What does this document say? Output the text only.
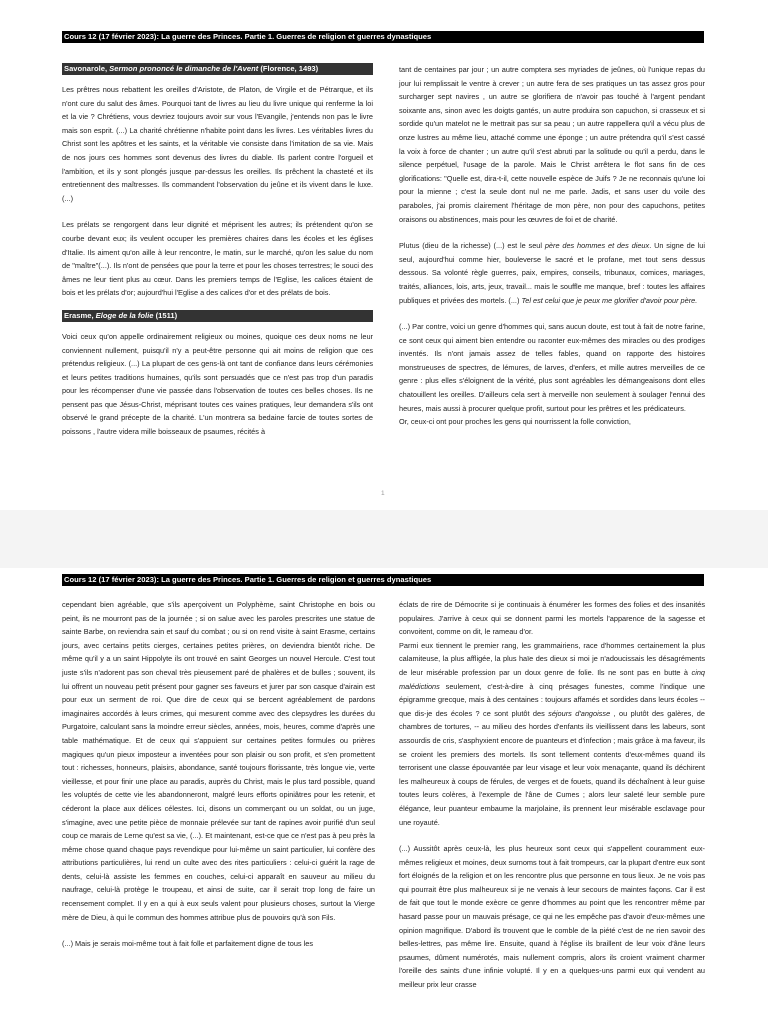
Cours 12 (17 février 2023): La guerre des Princes. Partie 1. Guerres de religion et guerres dynastiques
Savonarole, Sermon prononcé le dimanche de l'Avent (Florence, 1493)

Les prêtres nous rebattent les oreilles d'Aristote, de Platon, de Virgile et de Pétrarque, et ils n'ont cure du salut des âmes. Pourquoi tant de livres au lieu du livre unique qui renferme la loi et la vie ? Chrétiens, vous devriez toujours avoir sur vous l'Evangile, j'entends non pas le livre mais son esprit. (...) La charité chrétienne n'habite point dans les livres. Les véritables livres du Christ sont les apôtres et les saints, et la véritable vie consiste dans l'imitation de sa vie. Mais de nos jours ces hommes sont devenus des livres du diable. Ils parlent contre l'orgueil et l'ambition, et ils y sont plongés jusque par-dessus les oreilles. Ils prêchent la chasteté et ils entretiennent des maîtresses. Ils commandent l'observation du jeûne et ils vivent dans le luxe. (...)

Les prélats se rengorgent dans leur dignité et méprisent les autres; ils prétendent qu'on se courbe devant eux; ils veulent occuper les premières chaires dans les écoles et les églises d'Italie. Ils aiment qu'on aille à leur rencontre, le matin, sur le marché, qu'on les salue du nom de "maître"(...). Ils n'ont de pensées que pour la terre et pour les choses terrestres; le souci des âmes ne leur tient plus au cœur. Dans les premiers temps de l'Eglise, les calices étaient de bois et les prélats d'or; aujourd'hui l'Eglise a des calices d'or et des prélats de bois.

Erasme, Eloge de la folie (1511)

Voici ceux qu'on appelle ordinairement religieux ou moines, quoique ces deux noms ne leur conviennent nullement, puisqu'il n'y a peut-être personne qui ait moins de religion que ces prétendus religieux. (...) La plupart de ces gens-là ont tant de confiance dans leurs cérémonies et leurs petites traditions humaines, qu'ils sont persuadés que ce n'est pas trop d'un paradis pour les récompenser d'une vie passée dans l'observation de toutes ces belles choses. Ils ne pensent pas que Jésus-Christ, méprisant toutes ces vaines pratiques, leur demandera s'ils ont observé le grand précepte de la charité. L'un montrera sa bedaine farcie de toutes sortes de poissons , l'autre videra mille boisseaux de psaumes, récités à

tant de centaines par jour ; un autre comptera ses myriades de jeûnes, où l'unique repas du jour lui remplissait le ventre à crever ; un autre fera de ses pratiques un tas assez gros pour surcharger sept navires , un autre se glorifiera de n'avoir pas touché à l'argent pendant soixante ans, sinon avec les doigts gantés, un autre produira son capuchon, si crasseux et si sordide qu'un matelot ne le mettrait pas sur sa peau ; un autre rappellera qu'il a vécu plus de onze lustres au même lieu, attaché comme une éponge ; un autre prétendra qu'il s'est cassé la voix à force de chanter ; un autre qu'il s'est abruti par la solitude ou qu'il a perdu, dans le silence perpétuel, l'usage de la parole. Mais le Christ arrêtera le flot sans fin de ces glorifications: "Quelle est, dira-t-il, cette nouvelle espèce de Juifs ? Je ne reconnais qu'une loi pour la mienne ; c'est la seule dont nul ne me parle. Jadis, et sans user du voile des paraboles, j'ai promis clairement l'héritage de mon père, non pour des capuchons, petites oraisons ou abstinences, mais pour les œuvres de foi et de charité.

Plutus (dieu de la richesse) (...) est le seul père des hommes et des dieux. Un signe de lui seul, aujourd'hui comme hier, bouleverse le sacré et le profane, met tout sens dessus dessous. Sa volonté règle guerres, paix, empires, conseils, tribunaux, comices, mariages, traités, alliances, lois, arts, jeux, travail... mais le souffle me manque, bref : toutes les affaires publiques et privées des mortels. (...) Tel est celui que je peux me glorifier d'avoir pour père.

(...) Par contre, voici un genre d'hommes qui, sans aucun doute, est tout à fait de notre farine, ce sont ceux qui aiment bien entendre ou raconter eux-mêmes des miracles ou des prodiges inventés. Ils n'ont jamais assez de telles fables, quand on rapporte des histoires monstrueuses de spectres, de lémures, de larves, d'enfers, et mille autres merveilles de ce genre : plus elles s'éloignent de la vérité, plus sont agréables les démangeaisons dont elles chatouillent les oreilles. D'ailleurs cela sert à merveille non seulement à soulager l'ennui des heures, mais aussi à procurer quelque profit, surtout pour les prêtres et les prédicateurs.

Or, ceux-ci ont pour proches les gens qui nourrissent la folle conviction,

1
Cours 12 (17 février 2023): La guerre des Princes. Partie 1. Guerres de religion et guerres dynastiques

cependant bien agréable, que s'ils aperçoivent un Polyphème, saint Christophe en bois ou peint, ils ne mourront pas de la journée ; si on salue avec les paroles prescrites une statue de sainte Barbe, on reviendra sain et sauf du combat ; ou si on rend visite à saint Erasme, certains jours, avec certains petits cierges, certaines petites prières, on deviendra bientôt riche. De même qu'il y a un saint Hippolyte ils ont trouvé en saint Georges un nouvel Hercule. C'est tout juste s'ils n'adorent pas son cheval très pieusement paré de phalères et de bulles ; souvent, ils lui offrent un nouveau petit présent pour gagner ses faveurs et jurer par son casque d'airain est pour eux un serment de roi. Que dire de ceux qui se bercent agréablement de pardons imaginaires accordés à leurs crimes, qui mesurent comme avec des clepsydres les durées du Purgatoire, calculant sans la moindre erreur siècles, années, mois, heures, comme d'après une table mathématique. Et de ceux qui s'appuient sur certaines petites formules ou prières magiques qu'un pieux imposteur a inventées pour son plaisir ou son profit, et s'en promettent tout : richesses, honneurs, plaisirs, abondance, santé toujours florissante, très longue vie, verte vieillesse, et pour finir une place au paradis, auprès du Christ, mais le plus tard possible, quand les voluptés de cette vie les abandonneront, malgré leurs efforts opiniâtres pour les retenir, et céderont la place aux délices célestes. Ici, disons un commerçant ou un soldat, ou un juge, s'imagine, avec une petite pièce de monnaie prélevée sur tant de rapines avoir purifié d'un seul coup ce marais de Lerne qu'est sa vie, (...). Et maintenant, est-ce que ce n'est pas à peu près la même chose quand chaque pays revendique pour lui-même un saint particulier, lui confère des attributions particulières, lui rend un culte avec des rites particuliers : celui-ci guérit la rage de dents, celui-là assiste les femmes en couches, celui-ci apparaît en sauveur au milieu du naufrage, celui-là protège le troupeau, et ainsi de suite, car il serait trop long de faire un recensement complet. Il y en a qui à eux seuls valent pour plusieurs choses, surtout la Vierge mère de Dieu, à qui le commun des hommes attribue plus de pouvoirs qu'à son Fils.

(...) Mais je serais moi-même tout à fait folle et parfaitement digne de tous les

éclats de rire de Démocrite si je continuais à énumérer les formes des folies et des insanités populaires. J'arrive à ceux qui se donnent parmi les mortels l'apparence de la sagesse et convoitent, comme on dit, le rameau d'or.

Parmi eux tiennent le premier rang, les grammairiens, race d'hommes certainement la plus calamiteuse, la plus affligée, la plus haïe des dieux si moi je n'adoucissais les désagréments de leur misérable profession par un doux genre de folie. Ils ne sont pas en butte à cinq malédictions seulement, c'est-à-dire à cinq présages funestes, comme l'indique une épigramme grecque, mais à des centaines : toujours affamés et sordides dans leurs écoles -- que dis-je des écoles ? ce sont plutôt des séjours d'angoisse , ou plutôt des galères, de chambres de tortures, -- au milieu des hordes d'enfants ils vieillissent dans les labeurs, sont assourdis de cris, s'asphyxient encore de puanteurs et d'infection ; mais grâce à ma faveur, ils se croient les premiers des mortels. Ils sont tellement contents d'eux-mêmes quand ils terrorisent une classe épouvantée par leur visage et leur voix menaçante, quand ils déchirent les malheureux à coups de férules, de verges et de fouets, quand ils déchaînent à leur guise toutes leurs colères, à l'exemple de l'âne de Cumes ; alors leur saleté leur semble pure élégance, leur puanteur embaume la marjolaine, ils prennent leur misérable esclavage pour une royauté.

(...) Aussitôt après ceux-là, les plus heureux sont ceux qui s'appellent couramment eux-mêmes religieux et moines, deux surnoms tout à fait trompeurs, car la plupart d'entre eux sont fort éloignés de la religion et on les rencontre plus que personne en tous lieux. Je ne vois pas qui pourrait être plus malheureux si je ne venais à leur secours de maintes façons. Car il est de fait que tout le monde exècre ce genre d'hommes au point que les rencontrer même par hasard passe pour un mauvais présage, ce qui ne les empêche pas d'avoir d'eux-mêmes une opinion magnifique. D'abord ils trouvent que le comble de la piété c'est de ne rien savoir des belles-lettres, pas même lire. Ensuite, quand à l'église ils braillent de leur voix d'âne leurs psaumes, dûment numérotés, mais nullement compris, alors ils croient vraiment charmer l'oreille des saints d'une infinie volupté. Il y en a quelques-uns parmi eux qui vendent au meilleur prix leur crasse
